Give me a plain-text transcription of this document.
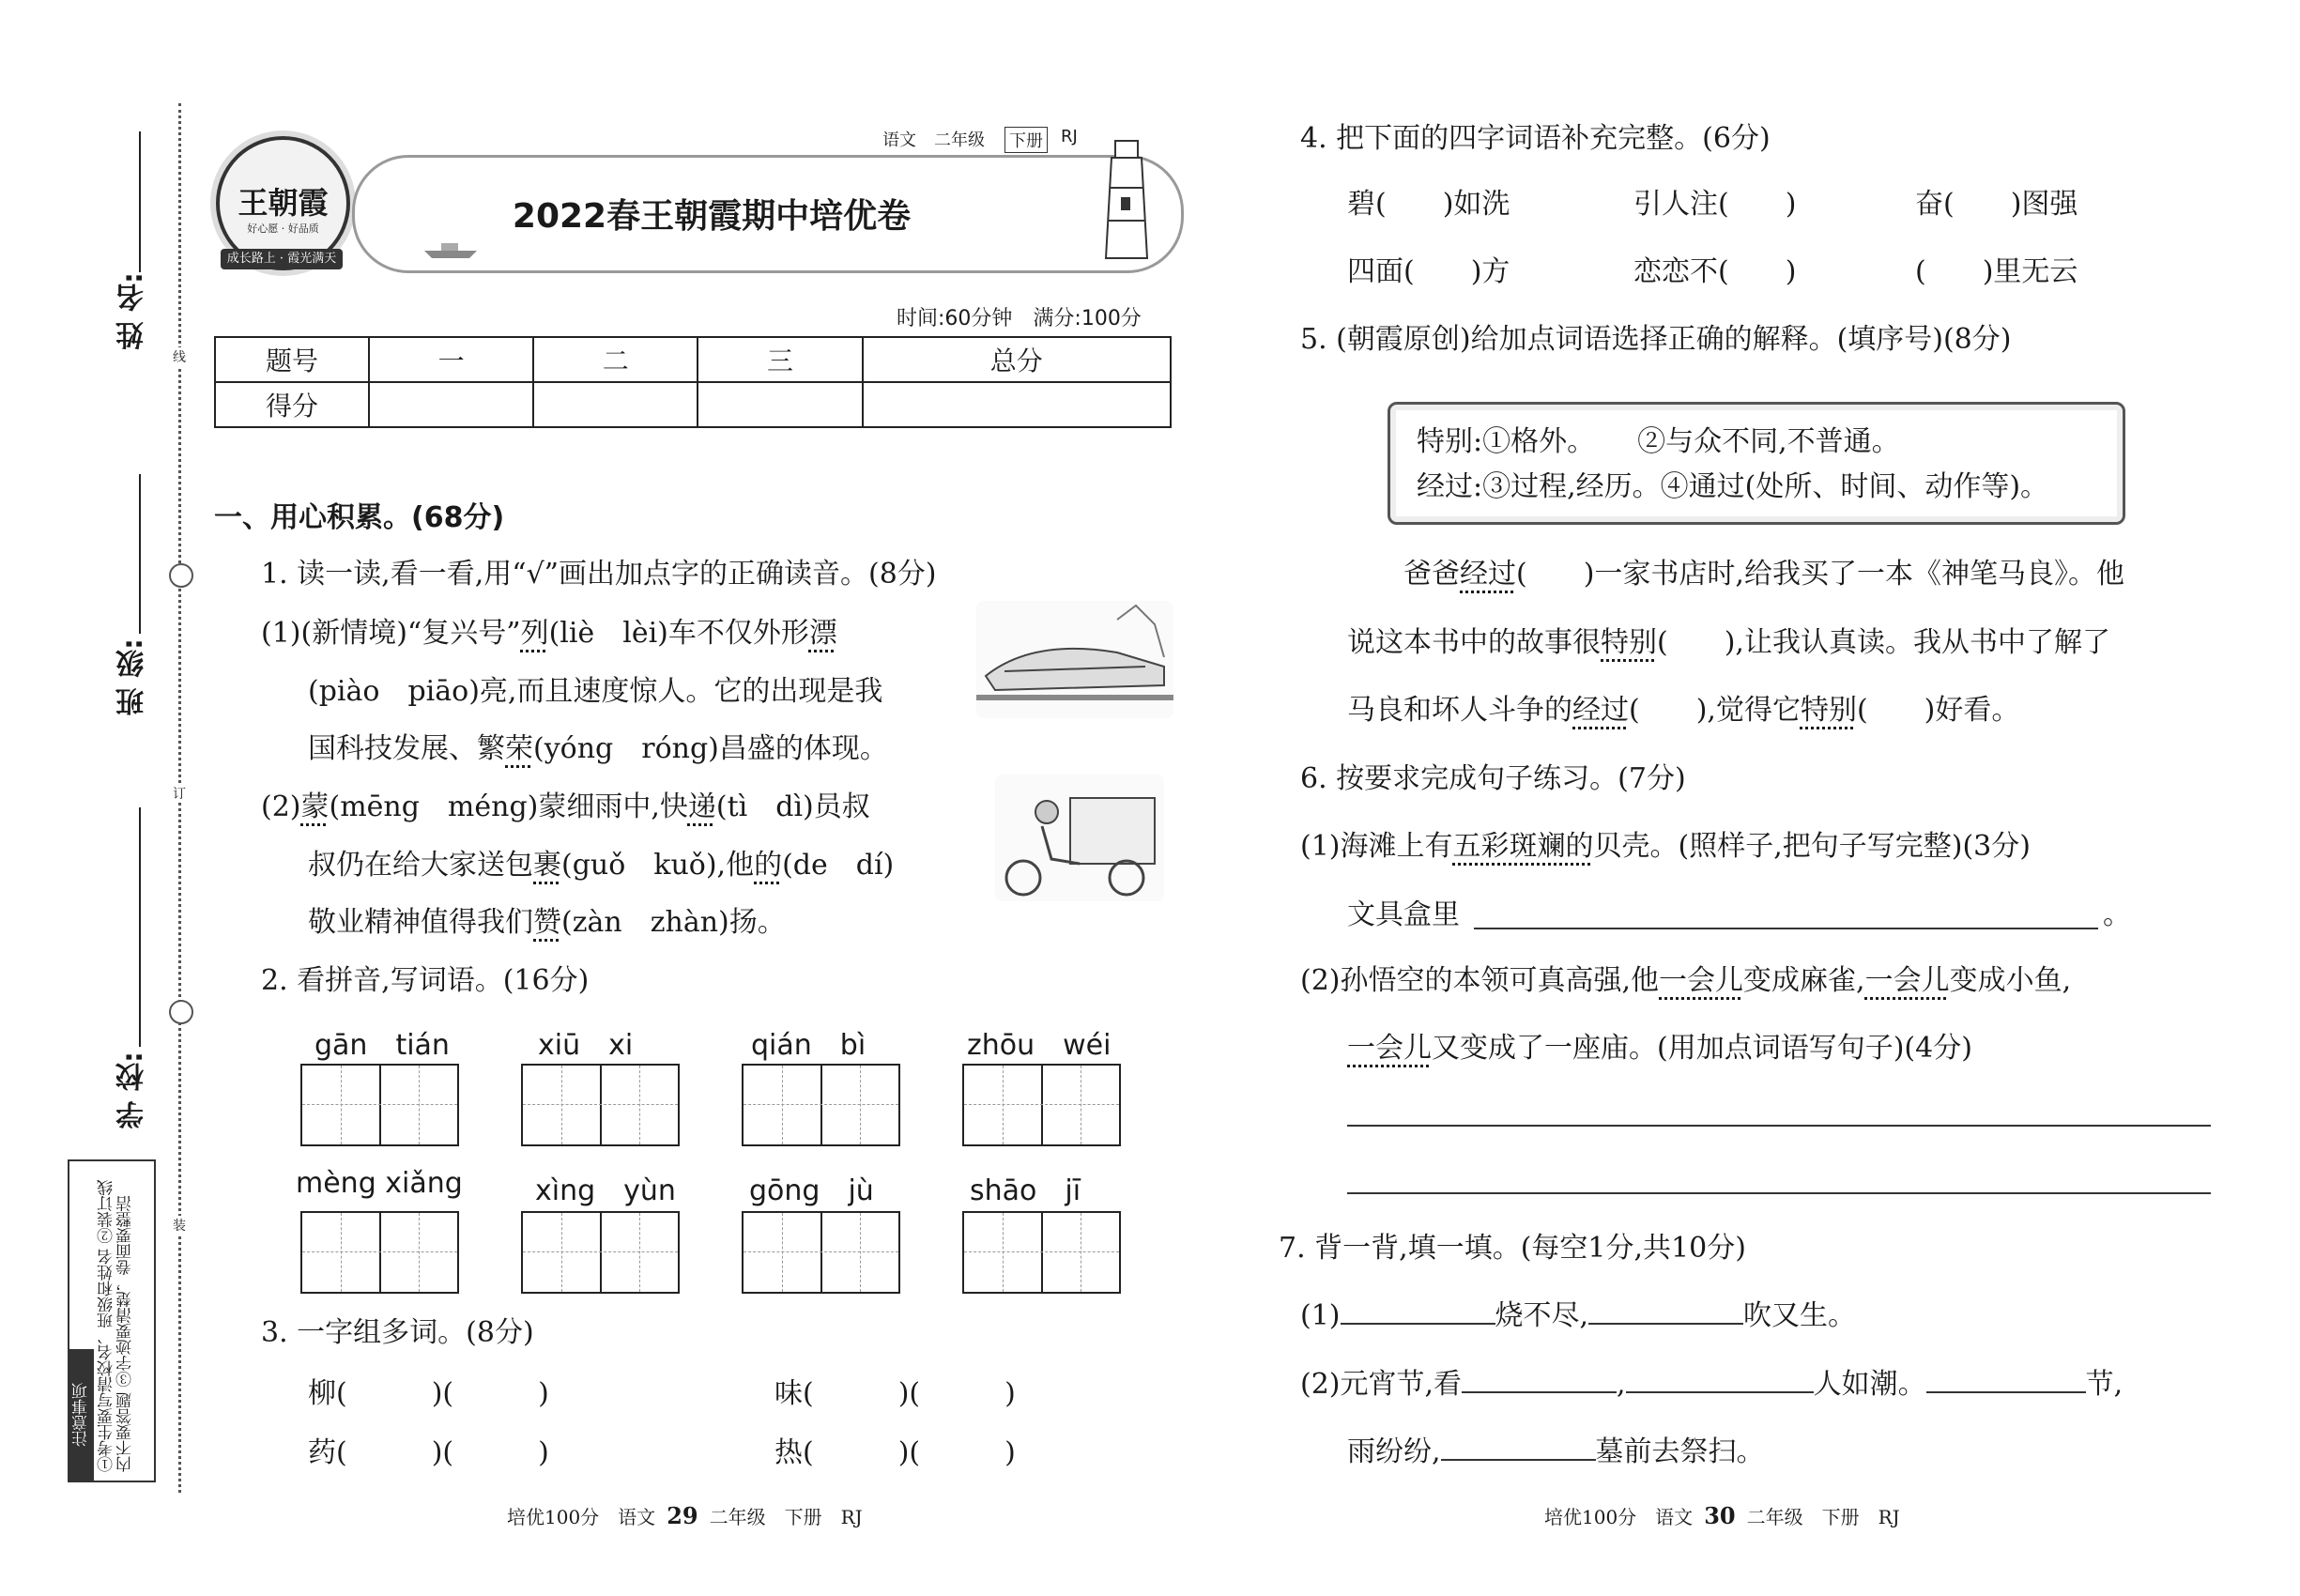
姓 名:
班 级:
学 校:
线
订
装
注意事项 ①考生要写清校名、班级和姓名 ②装订线内不要答题 ③字迹要清楚，卷面要整洁
王朝霞
好心愿 · 好品质
成长路上 · 霞光满天
语文 二年级 下册 RJ
2022春王朝霞期中培优卷
时间:60分钟　满分:100分
题号	一	二	三	总分
得分				
一、用心积累。(68分)
1. 读一读,看一看,用“√”画出加点字的正确读音。(8分)
(1)(新情境)“复兴号”列(liè　lèi)车不仅外形漂
(piào　piāo)亮,而且速度惊人。它的出现是我
国科技发展、繁荣(yóng　róng)昌盛的体现。
(2)蒙(mēng　méng)蒙细雨中,快递(tì　dì)员叔
叔仍在给大家送包裹(guǒ　kuǒ),他的(de　dí)
敬业精神值得我们赞(zàn　zhàn)扬。
2. 看拼音,写词语。(16分)
gān　tián	xiū　xi	qián　bì	zhōu　wéi
mèng xiǎng	xìng　yùn	gōng　jù	shāo　jī
3. 一字组多词。(8分)
柳(　　　)(　　　)	味(　　　)(　　　)
药(　　　)(　　　)	热(　　　)(　　　)
培优100分　语文 29 二年级　下册　RJ
4. 把下面的四字词语补充完整。(6分)
碧(　　)如洗	引人注(　　)	奋(　　)图强
四面(　　)方	恋恋不(　　)	(　　)里无云
5. (朝霞原创)给加点词语选择正确的解释。(填序号)(8分)
特别:①格外。　　②与众不同,不普通。
经过:③过程,经历。④通过(处所、时间、动作等)。
爸爸经过(　　)一家书店时,给我买了一本《神笔马良》。他
说这本书中的故事很特别(　　),让我认真读。我从书中了解了
马良和坏人斗争的经过(　　),觉得它特别(　　)好看。
6. 按要求完成句子练习。(7分)
(1)海滩上有五彩斑斓的贝壳。(照样子,把句子写完整)(3分)
文具盒里	。
(2)孙悟空的本领可真高强,他一会儿变成麻雀,一会儿变成小鱼,
一会儿又变成了一座庙。(用加点词语写句子)(4分)
7. 背一背,填一填。(每空1分,共10分)
(1)	烧不尽,	吹又生。
(2)元宵节,看	,	人如潮。	节,
雨纷纷,	墓前去祭扫。
培优100分　语文 30 二年级　下册　RJ
